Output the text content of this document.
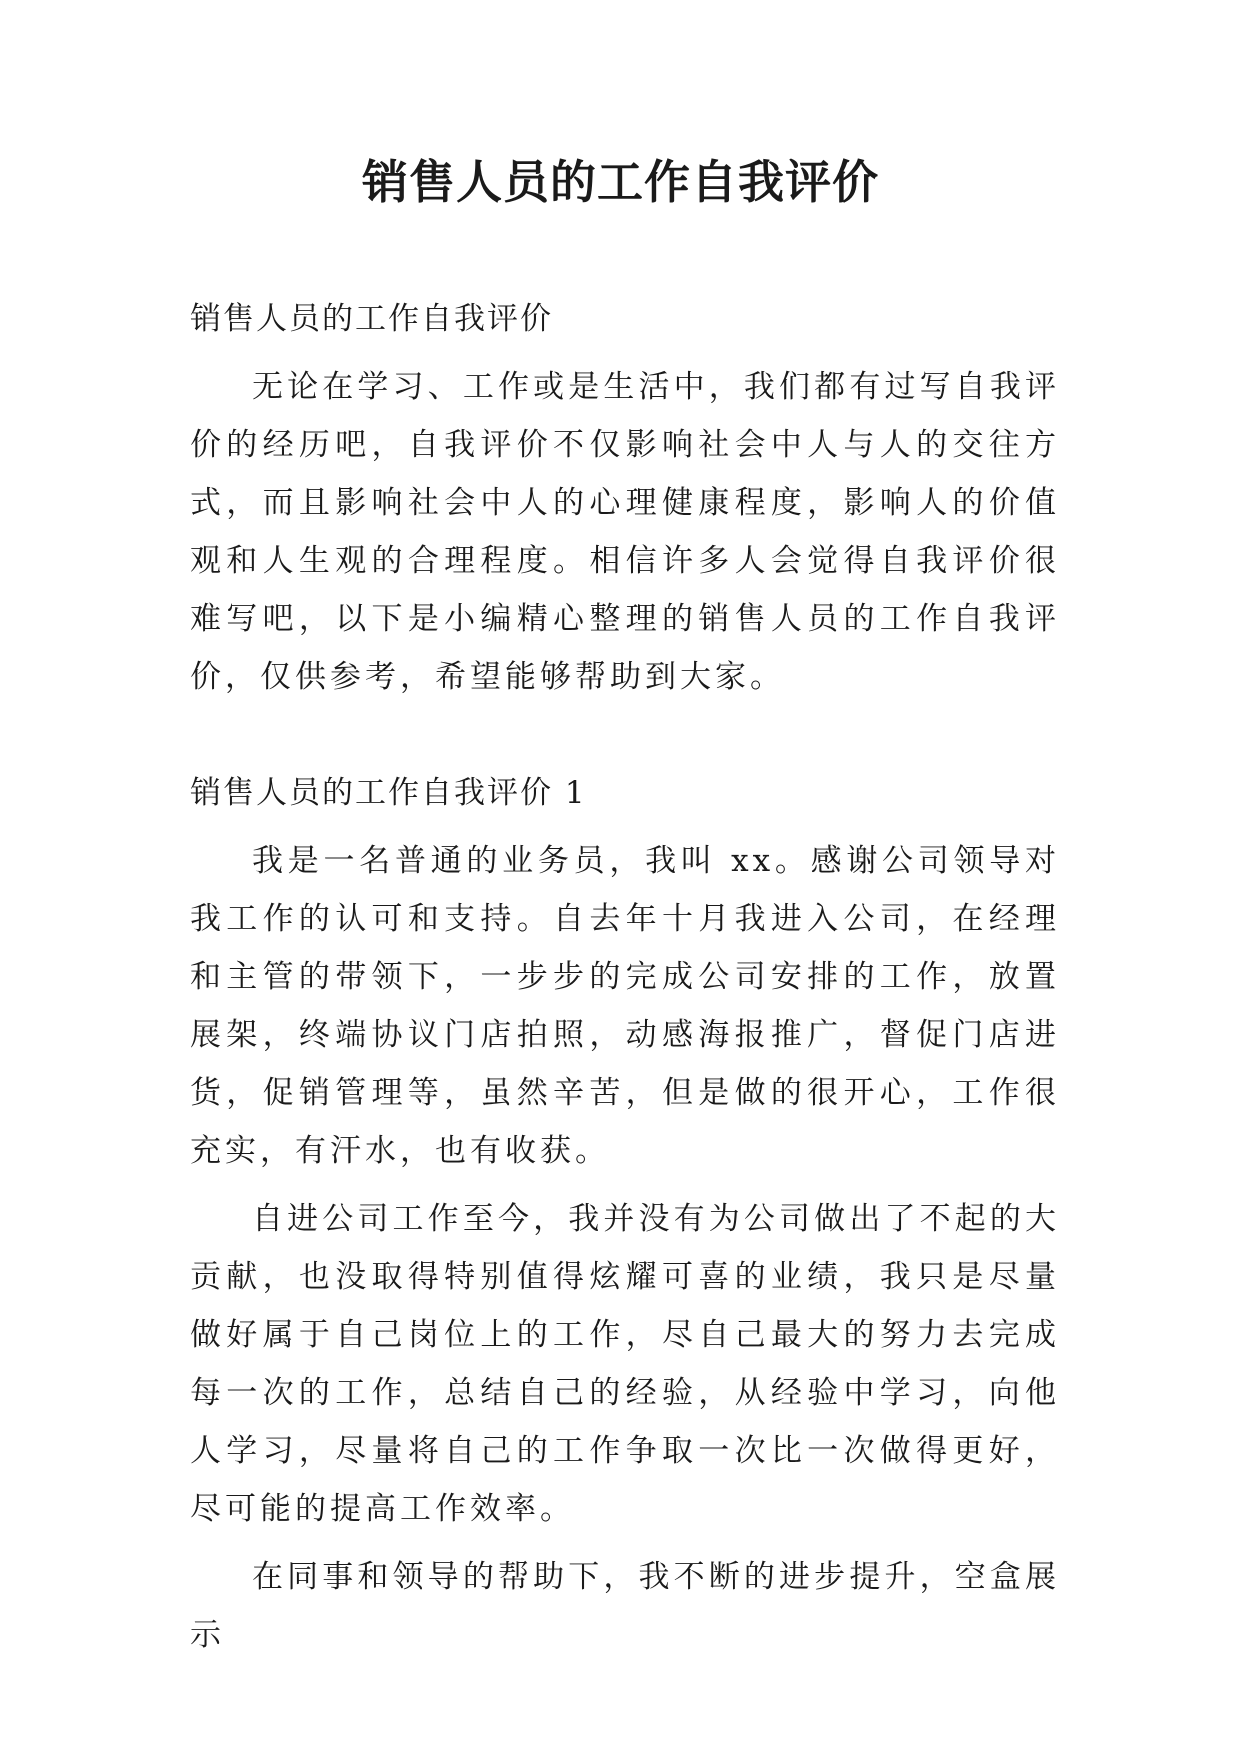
销售人员的工作自我评价

销售人员的工作自我评价

无论在学习、工作或是生活中，我们都有过写自我评价的经历吧，自我评价不仅影响社会中人与人的交往方式，而且影响社会中人的心理健康程度，影响人的价值观和人生观的合理程度。相信许多人会觉得自我评价很难写吧，以下是小编精心整理的销售人员的工作自我评价，仅供参考，希望能够帮助到大家。

销售人员的工作自我评价 1

我是一名普通的业务员，我叫 xx。感谢公司领导对我工作的认可和支持。自去年十月我进入公司，在经理和主管的带领下，一步步的完成公司安排的工作，放置展架，终端协议门店拍照，动感海报推广，督促门店进货，促销管理等，虽然辛苦，但是做的很开心，工作很充实，有汗水，也有收获。

自进公司工作至今，我并没有为公司做出了不起的大贡献，也没取得特别值得炫耀可喜的业绩，我只是尽量做好属于自己岗位上的工作，尽自己最大的努力去完成每一次的工作，总结自己的经验，从经验中学习，向他人学习，尽量将自己的工作争取一次比一次做得更好，尽可能的提高工作效率。

在同事和领导的帮助下，我不断的进步提升，空盒展示
